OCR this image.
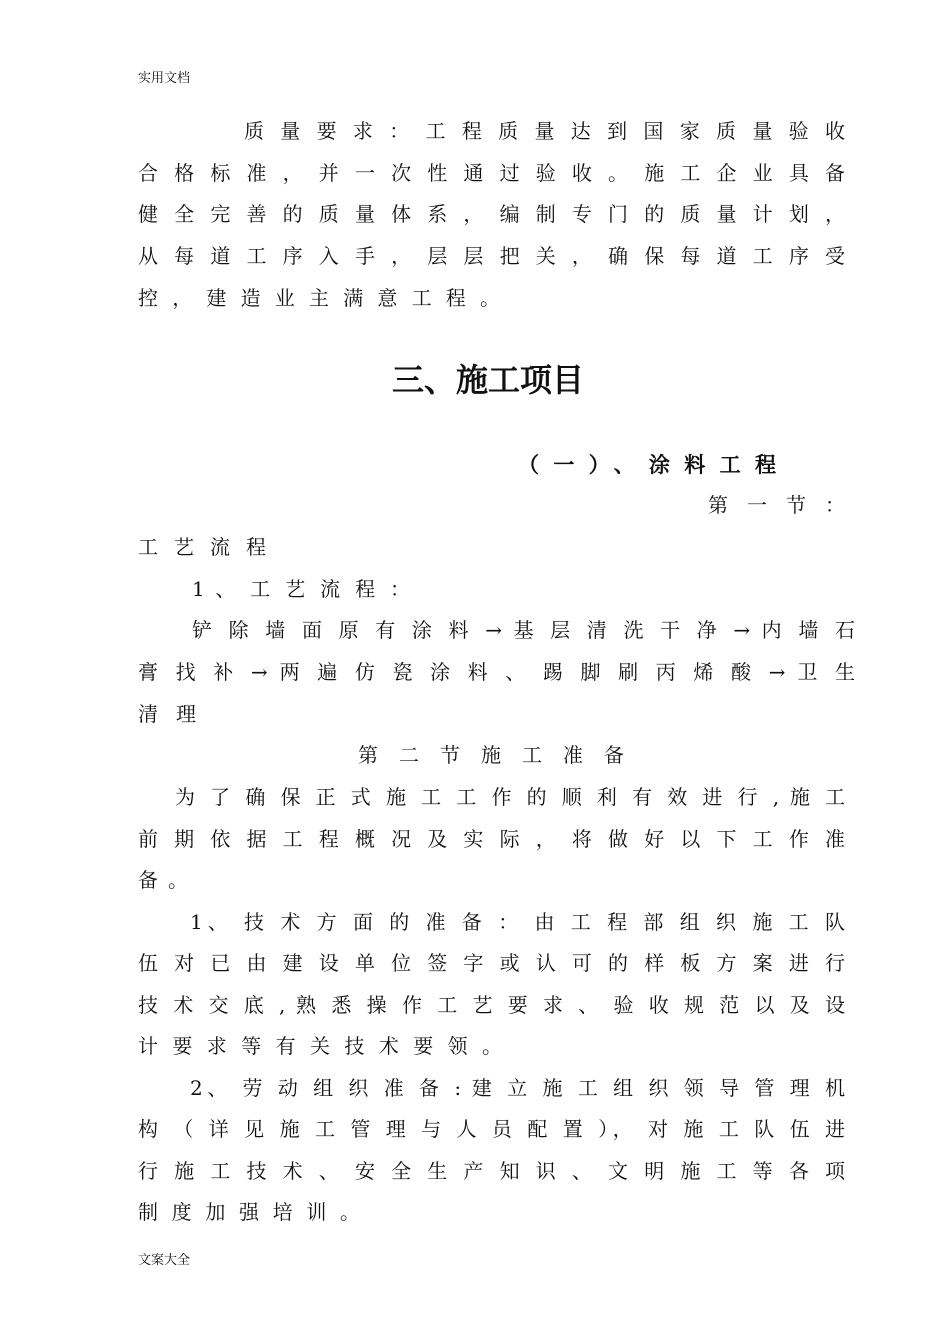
实用文档
质 量 要 求 ： 工 程 质 量 达 到 国 家 质 量 验 收
合 格 标 准 ， 并 一 次 性 通 过 验 收 。 施 工 企 业 具 备
健 全 完 善 的 质 量 体 系 ， 编 制 专 门 的 质 量 计 划 ，
从 每 道 工 序 入 手 ， 层 层 把 关 ， 确 保 每 道 工 序 受
控 ， 建 造 业 主 满 意 工 程 。
三、施工项目
（一）、涂料工程
第 一 节 ：
工 艺 流 程
1 、 工 艺 流 程 ：
铲 除 墙 面 原 有 涂 料 → 基 层 清 洗 干 净 → 内 墙 石
膏 找 补 → 两 遍 仿 瓷 涂 料 、 踢 脚 刷 丙 烯 酸 → 卫 生
清 理
第 二 节 施 工 准 备
为 了 确 保 正 式 施 工 工 作 的 顺 利 有 效 进 行 , 施 工
前 期 依 据 工 程 概 况 及 实 际 ， 将 做 好 以 下 工 作 准
备 。
1、 技 术 方 面 的 准 备 ： 由 工 程 部 组 织 施 工 队
伍 对 已 由 建 设 单 位 签 字 或 认 可 的 样 板 方 案 进 行
技 术 交 底 , 熟 悉 操 作 工 艺 要 求 、 验 收 规 范 以 及 设
计 要 求 等 有 关 技 术 要 领 。
2、 劳 动 组 织 准 备 : 建 立 施 工 组 织 领 导 管 理 机
构 （ 详 见 施 工 管 理 与 人 员 配 置 ）， 对 施 工 队 伍 进
行 施 工 技 术 、 安 全 生 产 知 识 、 文 明 施 工 等 各 项
制 度 加 强 培 训 。
文案大全
